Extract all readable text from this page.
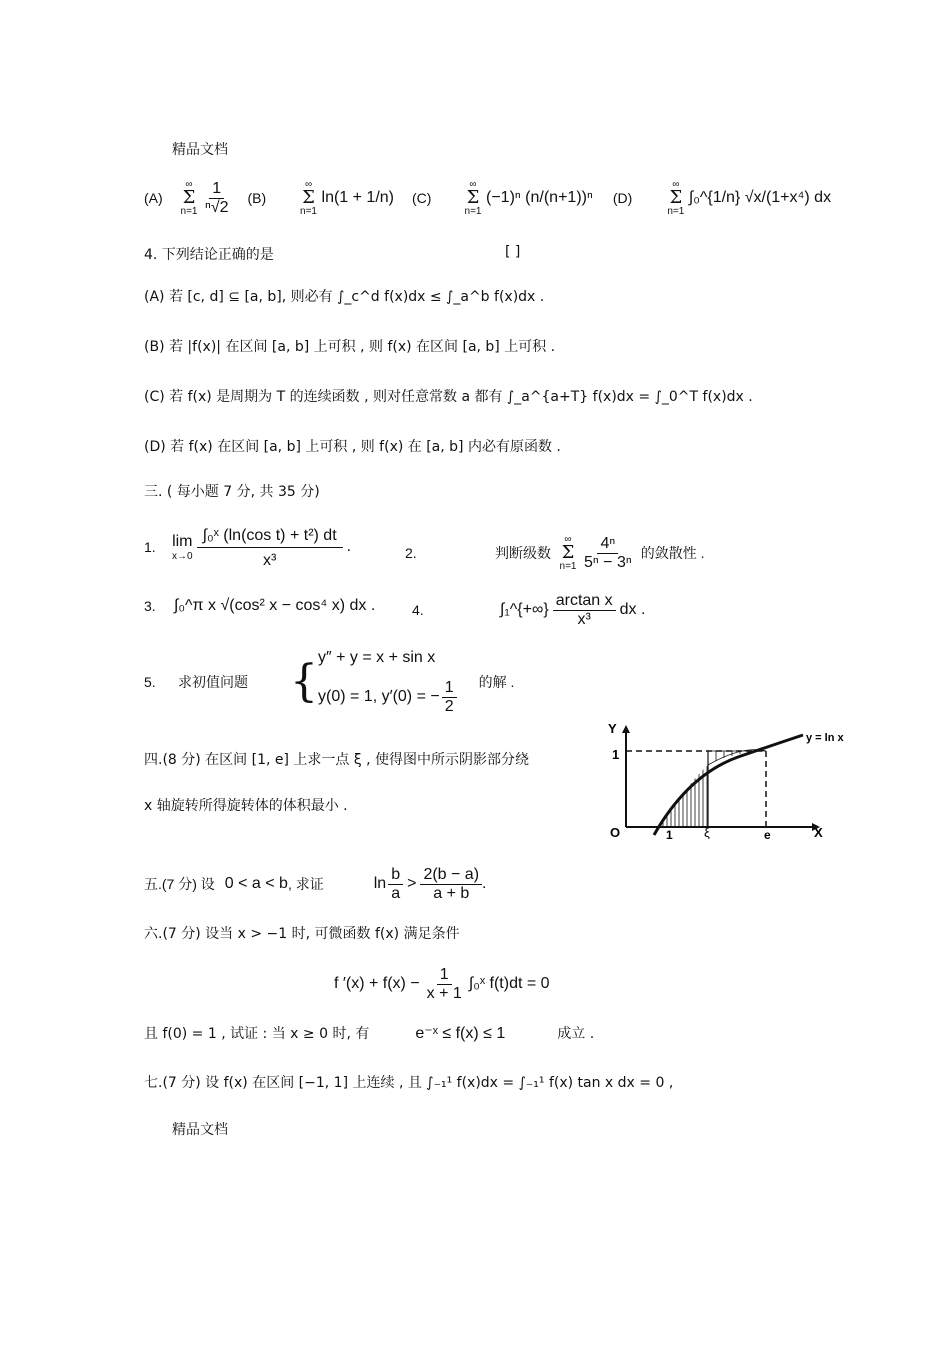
精品文档
(A)
∞
Σ
$n=1 \frac{1}{\text{ⁿ√2}}$	(B)
∞
Σ
n=1
ln(1 + 1/n)	(C)
∞
Σ
n=1
(−1)ⁿ (n/(n+1))ⁿ	(D)
∞
Σ
n=1
∫₀^{1/n} √x/(1+x⁴) dx
4. 下列结论正确的是	[ ]
(A) 若 [c, d] ⊆ [a, b], 则必有 ∫_c^d f(x)dx ≤ ∫_a^b f(x)dx .
(B) 若 |f(x)| 在区间 [a, b] 上可积 , 则 f(x) 在区间 [a, b] 上可积 .
(C) 若 f(x) 是周期为 T 的连续函数 , 则对任意常数 a 都有 ∫_a^{a+T} f(x)dx = ∫_0^T f(x)dx .
(D) 若 f(x) 在区间 [a, b] 上可积 , 则 f(x) 在 [a, b] 内必有原函数 .
三. ( 每小题 7 分, 共 35 分)
1.	lim
$x\to 0 \frac{\text{∫₀ˣ (ln(cos t) + t²) dt}}{\text{x³}}$ .	2.	判断级数
∞
Σ
$n=1 \frac{\text{4ⁿ}}{\text{5ⁿ − 3ⁿ}}$ 的敛散性 .
3.	∫₀^π x √(cos² x − cos⁴ x) dx .	4.	∫₁^{+∞} $\frac{\text{arctan x}}{\text{x³}}$ dx .
5.	求初值问题 { y″ + y = x + sin x
y(0) = 1, y′(0) = − $\frac{1}{2}$ 的解 .
四.(8 分) 在区间 [1, e] 上求一点 ξ , 使得图中所示阴影部分绕
x 轴旋转所得旋转体的体积最小 .
Y
1
O	1 ξ	e	X
y = ln x
五.(7 分) 设 0 < a < b , 求证	$\ln \frac{b}{a} > \frac{2(b - a)}{a + b}$ .
六.(7 分) 设当 x > −1 时, 可微函数 f(x) 满足条件
f $'(x) + f(x) - \frac{1}{x + 1}$ ∫₀ˣ f(t)dt = 0
且 f(0) = 1 , 试证 : 当 x ≥ 0 时, 有	e⁻ˣ ≤ f(x) ≤ 1	成立 .
七.(7 分) 设 f(x) 在区间 [−1, 1] 上连续 , 且 ∫₋₁¹ f(x)dx = ∫₋₁¹ f(x) tan x dx = 0 ,
精品文档
